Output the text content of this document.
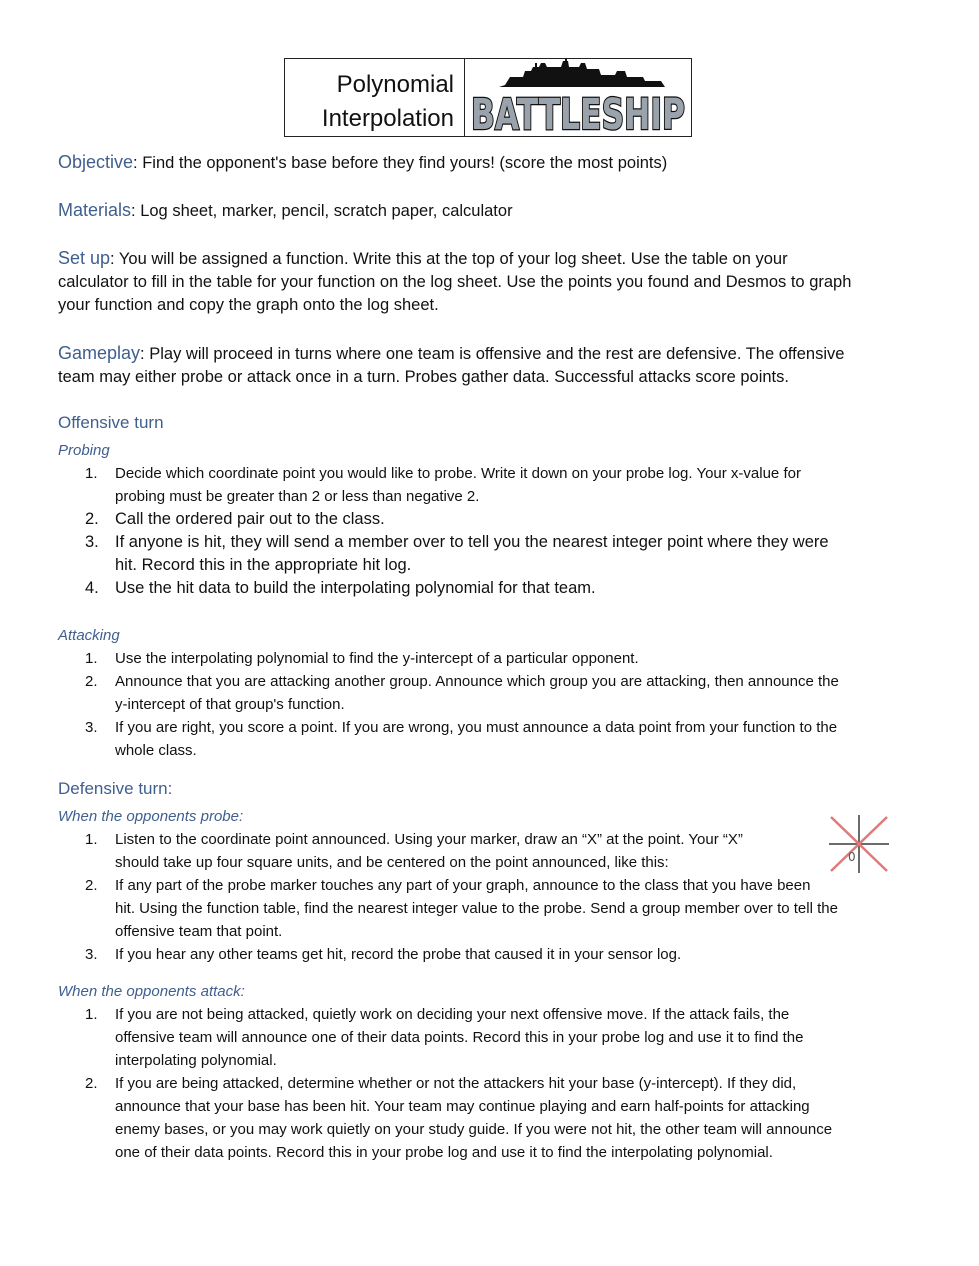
Polynomial
Interpolation BATTLESHIP
Objective: Find the opponent's base before they find yours! (score the most points)
Materials: Log sheet, marker, pencil, scratch paper, calculator
Set up: You will be assigned a function. Write this at the top of your log sheet. Use the table on your
calculator to fill in the table for your function on the log sheet. Use the points you found and Desmos to graph
your function and copy the graph onto the log sheet.
Gameplay: Play will proceed in turns where one team is offensive and the rest are defensive. The offensive
team may either probe or attack once in a turn. Probes gather data. Successful attacks score points.
Offensive turn
Probing
1. Decide which coordinate point you would like to probe. Write it down on your probe log. Your x-value for
probing must be greater than 2 or less than negative 2.
2. Call the ordered pair out to the class.
3. If anyone is hit, they will send a member over to tell you the nearest integer point where they were
hit. Record this in the appropriate hit log.
4. Use the hit data to build the interpolating polynomial for that team.
Attacking
1. Use the interpolating polynomial to find the y-intercept of a particular opponent.
2. Announce that you are attacking another group. Announce which group you are attacking, then announce the
y-intercept of that group's function.
3. If you are right, you score a point. If you are wrong, you must announce a data point from your function to the
whole class.
Defensive turn:
When the opponents probe:
1. Listen to the coordinate point announced. Using your marker, draw an “X” at the point. Your “X”
should take up four square units, and be centered on the point announced, like this:
2. If any part of the probe marker touches any part of your graph, announce to the class that you have been
hit. Using the function table, find the nearest integer value to the probe. Send a group member over to tell the
offensive team that point.
3. If you hear any other teams get hit, record the probe that caused it in your sensor log.
0
When the opponents attack:
1. If you are not being attacked, quietly work on deciding your next offensive move. If the attack fails, the
offensive team will announce one of their data points. Record this in your probe log and use it to find the
interpolating polynomial.
2. If you are being attacked, determine whether or not the attackers hit your base (y-intercept). If they did,
announce that your base has been hit. Your team may continue playing and earn half-points for attacking
enemy bases, or you may work quietly on your study guide. If you were not hit, the other team will announce
one of their data points. Record this in your probe log and use it to find the interpolating polynomial.
